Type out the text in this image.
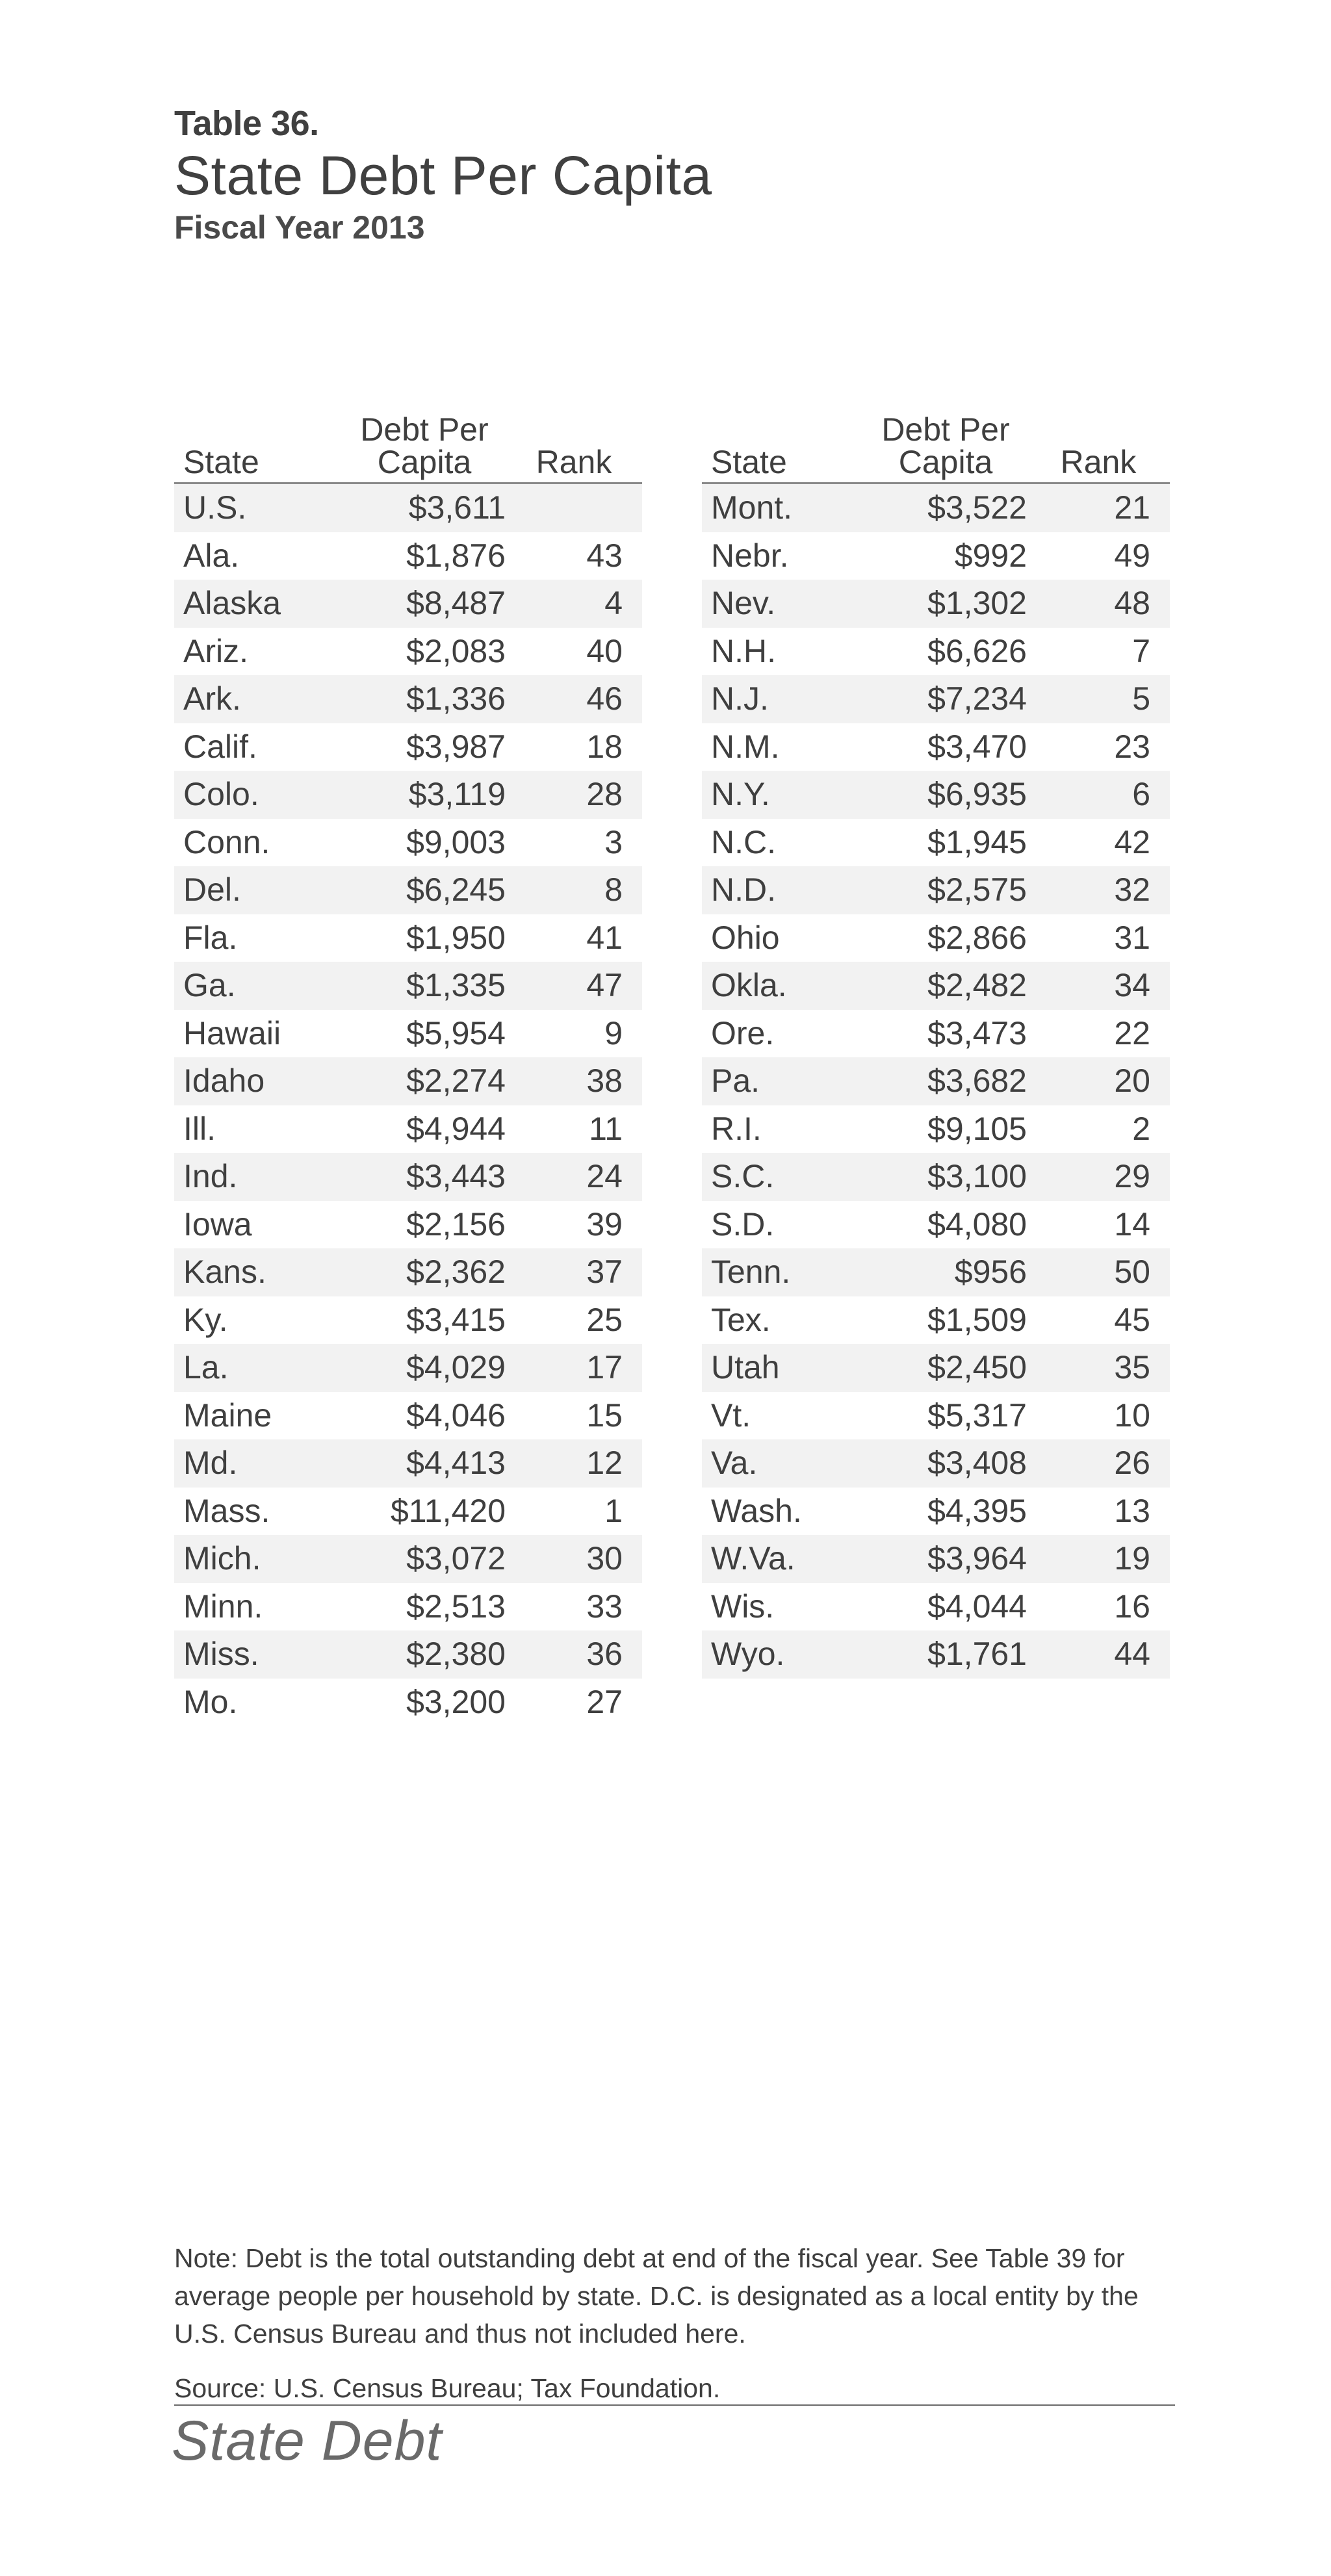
Table 36.
State Debt Per Capita
Fiscal Year 2013
State	Debt Per
Capita	Rank
U.S.	$3,611	
Ala.	$1,876	43
Alaska	$8,487	4
Ariz.	$2,083	40
Ark.	$1,336	46
Calif.	$3,987	18
Colo.	$3,119	28
Conn.	$9,003	3
Del.	$6,245	8
Fla.	$1,950	41
Ga.	$1,335	47
Hawaii	$5,954	9
Idaho	$2,274	38
Ill.	$4,944	11
Ind.	$3,443	24
Iowa	$2,156	39
Kans.	$2,362	37
Ky.	$3,415	25
La.	$4,029	17
Maine	$4,046	15
Md.	$4,413	12
Mass.	$11,420	1
Mich.	$3,072	30
Minn.	$2,513	33
Miss.	$2,380	36
Mo.	$3,200	27
State	Debt Per
Capita	Rank
Mont.	$3,522	21
Nebr.	$992	49
Nev.	$1,302	48
N.H.	$6,626	7
N.J.	$7,234	5
N.M.	$3,470	23
N.Y.	$6,935	6
N.C.	$1,945	42
N.D.	$2,575	32
Ohio	$2,866	31
Okla.	$2,482	34
Ore.	$3,473	22
Pa.	$3,682	20
R.I.	$9,105	2
S.C.	$3,100	29
S.D.	$4,080	14
Tenn.	$956	50
Tex.	$1,509	45
Utah	$2,450	35
Vt.	$5,317	10
Va.	$3,408	26
Wash.	$4,395	13
W.Va.	$3,964	19
Wis.	$4,044	16
Wyo.	$1,761	44
Note: Debt is the total outstanding debt at end of the fiscal year. See Table 39 for average people per household by state. D.C. is designated as a local entity by the U.S. Census Bureau and thus not included here.
Source: U.S. Census Bureau; Tax Foundation.
State Debt
